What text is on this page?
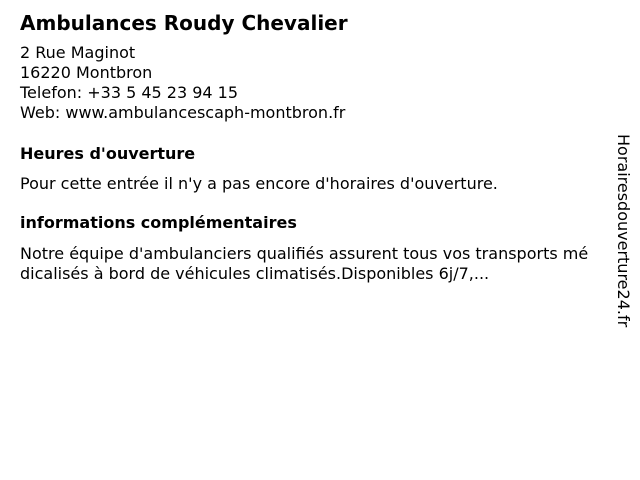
Ambulances Roudy Chevalier
2 Rue Maginot
16220 Montbron
Telefon: +33 5 45 23 94 15
Web: www.ambulancescaph-montbron.fr
Heures d'ouverture
Pour cette entrée il n'y a pas encore d'horaires d'ouverture.
informations complémentaires
Notre équipe d'ambulanciers qualifiés assurent tous vos transports médicalisés à bord de véhicules climatisés.Disponibles 6j/7,...	Horairesdouverture24.fr
